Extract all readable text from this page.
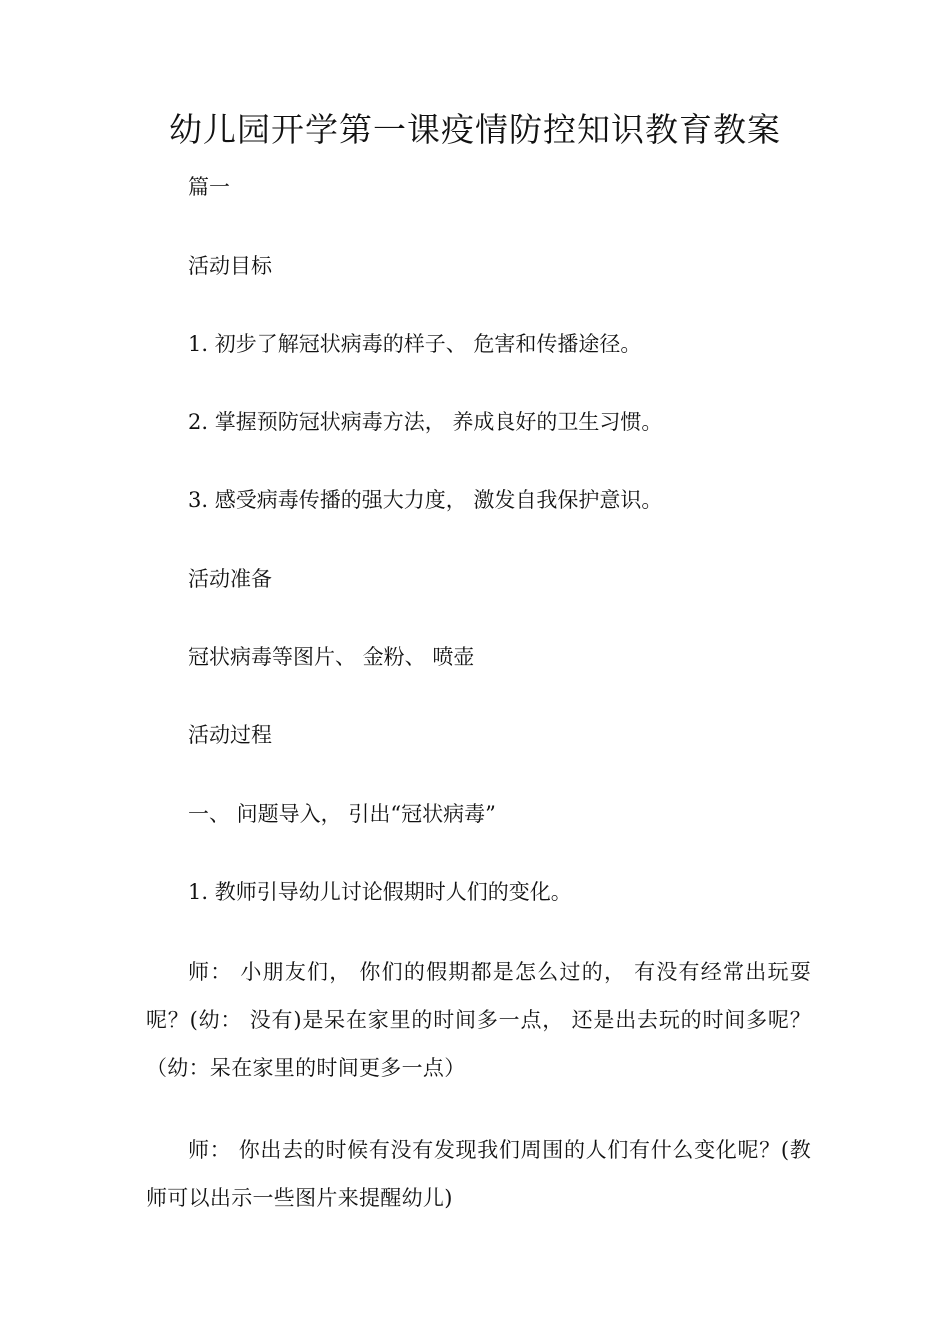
幼儿园开学第一课疫情防控知识教育教案

篇一

活动目标

1. 初步了解冠状病毒的样子、 危害和传播途径。

2. 掌握预防冠状病毒方法， 养成良好的卫生习惯。

3. 感受病毒传播的强大力度， 激发自我保护意识。

活动准备

冠状病毒等图片、 金粉、 喷壶

活动过程

一、 问题导入， 引出“冠状病毒”

1. 教师引导幼儿讨论假期时人们的变化。

师： 小朋友们， 你们的假期都是怎么过的， 有没有经常出玩耍呢？(幼： 没有)是呆在家里的时间多一点， 还是出去玩的时间多呢？（幼：呆在家里的时间更多一点）

师： 你出去的时候有没有发现我们周围的人们有什么变化呢？(教师可以出示一些图片来提醒幼儿)
